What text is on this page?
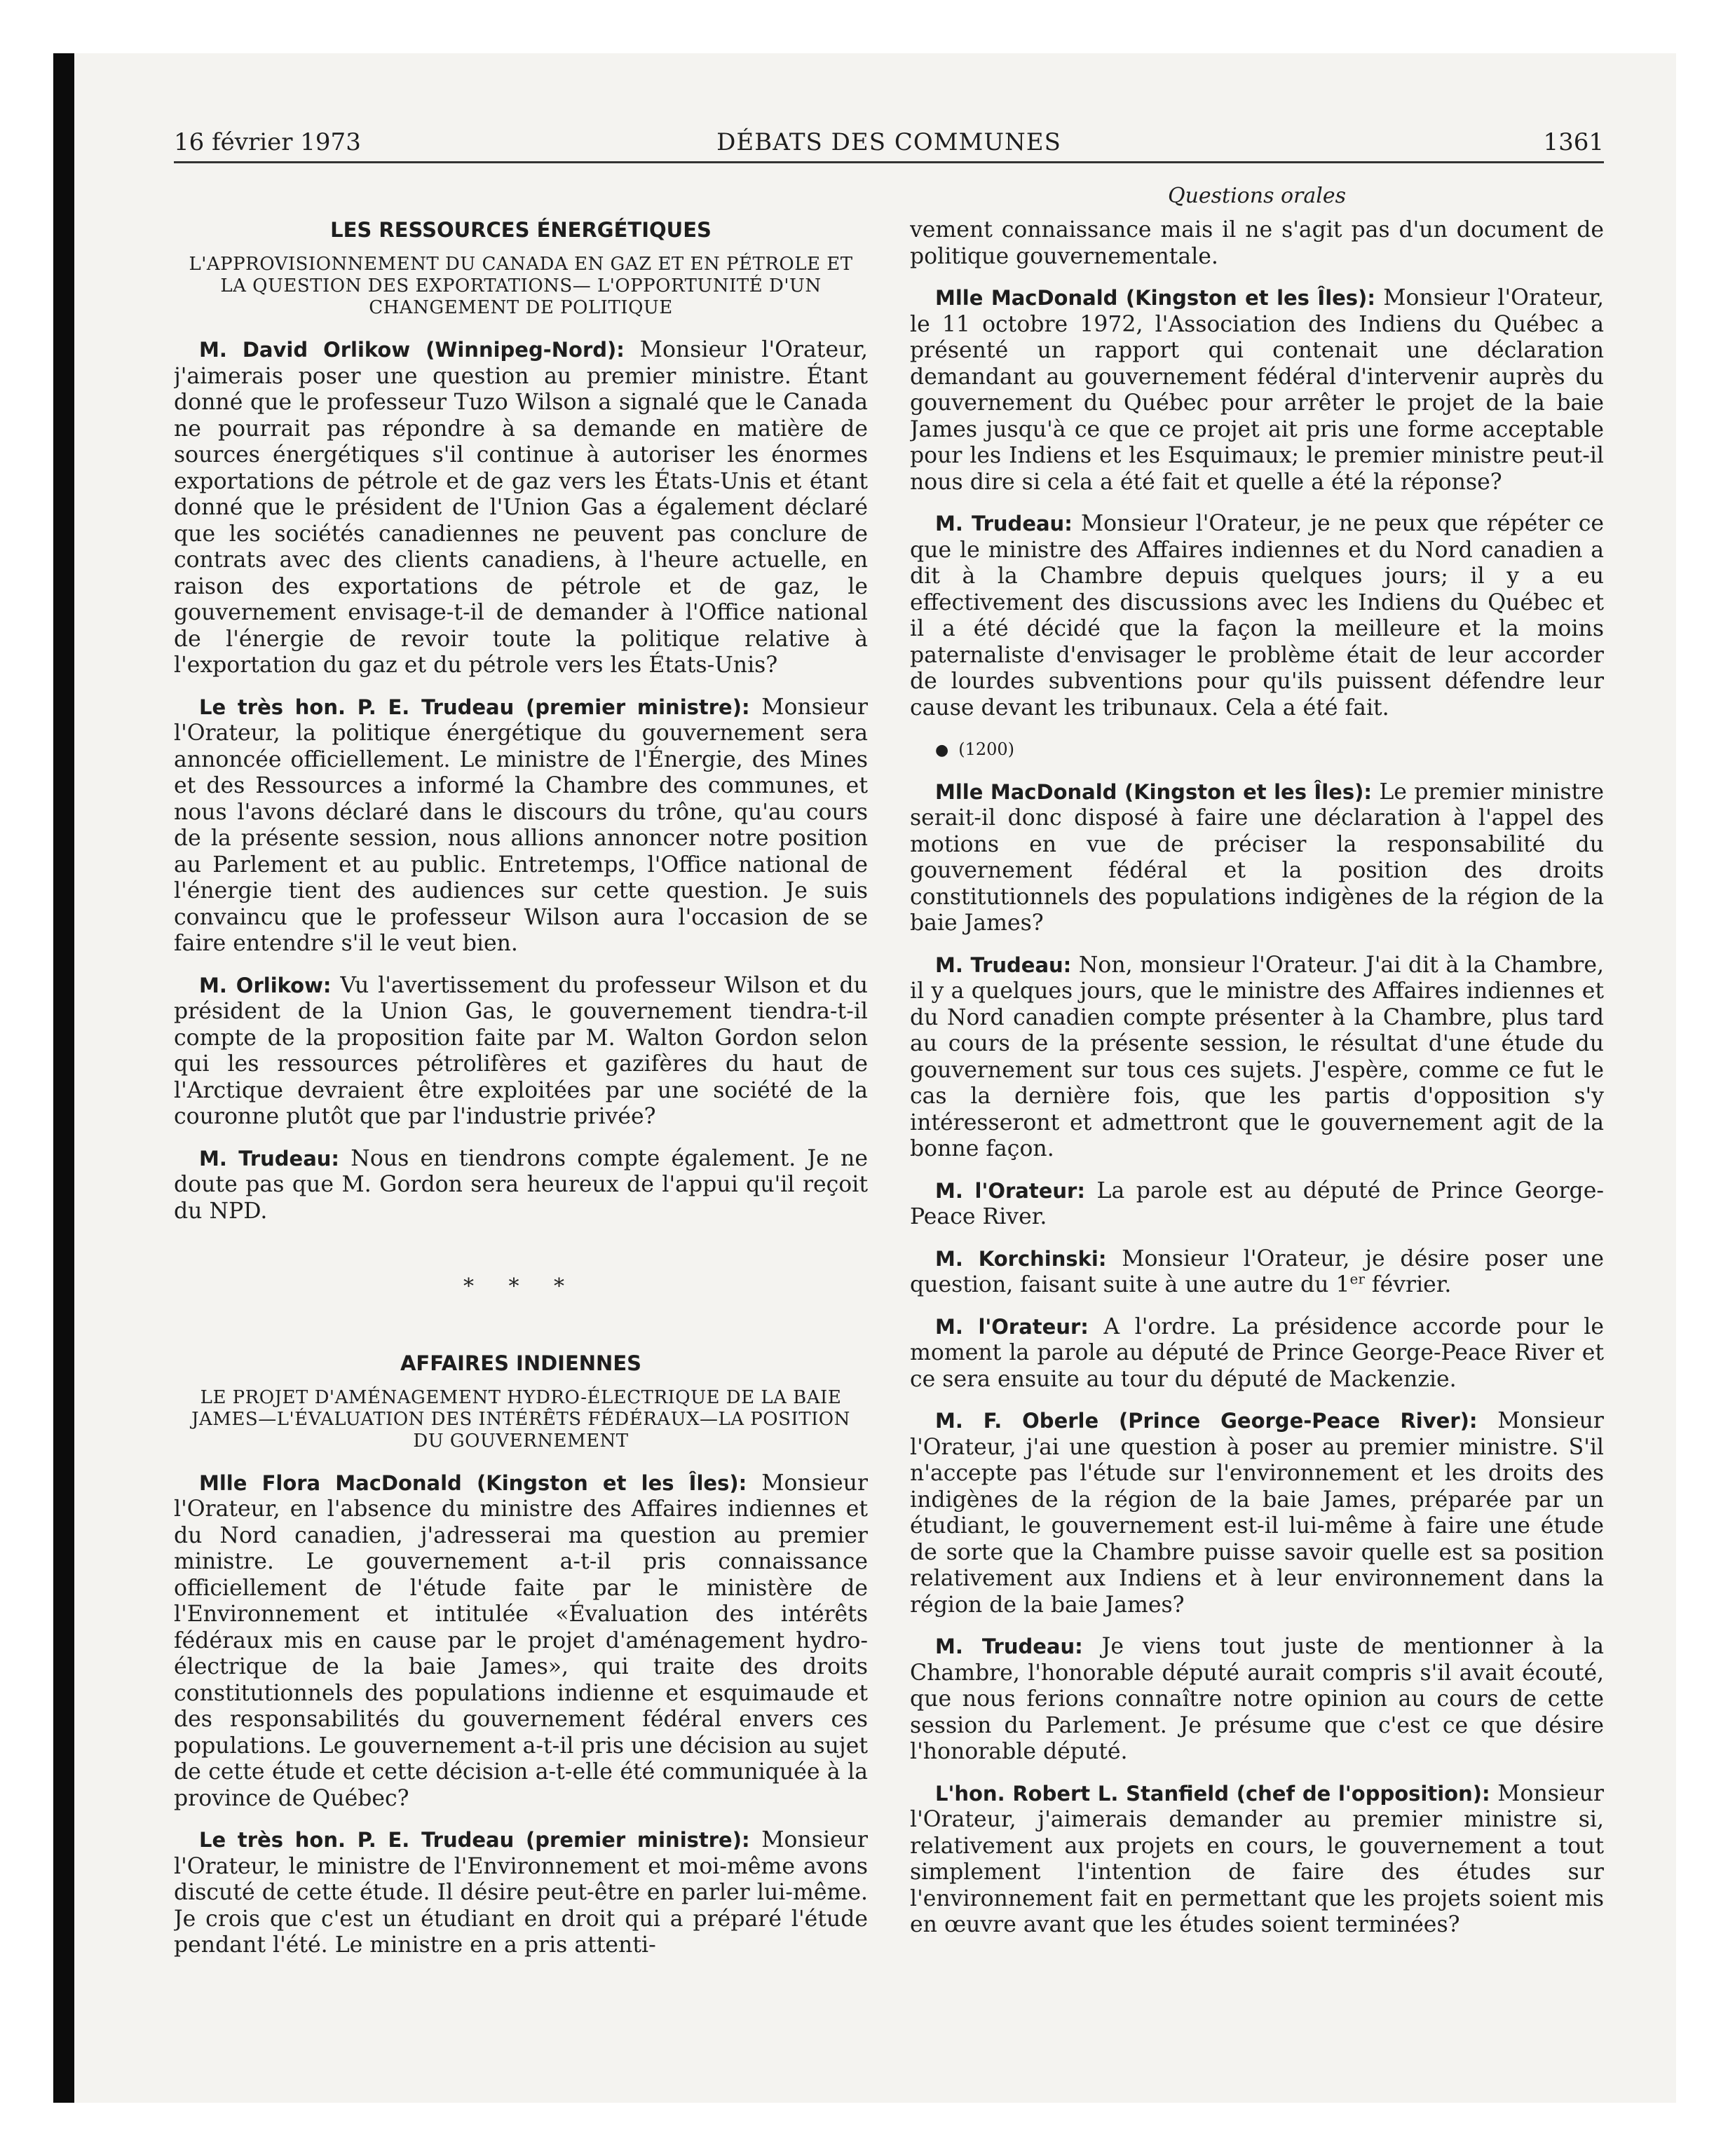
16 février 1973	DÉBATS DES COMMUNES	1361
Questions orales
LES RESSOURCES ÉNERGÉTIQUES
L'APPROVISIONNEMENT DU CANADA EN GAZ ET EN PÉTROLE ET LA QUESTION DES EXPORTATIONS— L'OPPORTUNITÉ D'UN CHANGEMENT DE POLITIQUE

M. David Orlikow (Winnipeg-Nord): Monsieur l'Orateur, j'aimerais poser une question au premier ministre. Étant donné que le professeur Tuzo Wilson a signalé que le Canada ne pourrait pas répondre à sa demande en matière de sources énergétiques s'il continue à autoriser les énormes exportations de pétrole et de gaz vers les États-Unis et étant donné que le président de l'Union Gas a également déclaré que les sociétés canadiennes ne peuvent pas conclure de contrats avec des clients canadiens, à l'heure actuelle, en raison des exportations de pétrole et de gaz, le gouvernement envisage-t-il de demander à l'Office national de l'énergie de revoir toute la politique relative à l'exportation du gaz et du pétrole vers les États-Unis?

Le très hon. P. E. Trudeau (premier ministre): Monsieur l'Orateur, la politique énergétique du gouvernement sera annoncée officiellement. Le ministre de l'Énergie, des Mines et des Ressources a informé la Chambre des communes, et nous l'avons déclaré dans le discours du trône, qu'au cours de la présente session, nous allions annoncer notre position au Parlement et au public. Entretemps, l'Office national de l'énergie tient des audiences sur cette question. Je suis convaincu que le professeur Wilson aura l'occasion de se faire entendre s'il le veut bien.

M. Orlikow: Vu l'avertissement du professeur Wilson et du président de la Union Gas, le gouvernement tiendra-t-il compte de la proposition faite par M. Walton Gordon selon qui les ressources pétrolifères et gazifères du haut de l'Arctique devraient être exploitées par une société de la couronne plutôt que par l'industrie privée?

M. Trudeau: Nous en tiendrons compte également. Je ne doute pas que M. Gordon sera heureux de l'appui qu'il reçoit du NPD.

* * *
AFFAIRES INDIENNES
LE PROJET D'AMÉNAGEMENT HYDRO-ÉLECTRIQUE DE LA BAIE JAMES—L'ÉVALUATION DES INTÉRÊTS FÉDÉRAUX—LA POSITION DU GOUVERNEMENT

Mlle Flora MacDonald (Kingston et les Îles): Monsieur l'Orateur, en l'absence du ministre des Affaires indiennes et du Nord canadien, j'adresserai ma question au premier ministre. Le gouvernement a-t-il pris connaissance officiellement de l'étude faite par le ministère de l'Environnement et intitulée «Évaluation des intérêts fédéraux mis en cause par le projet d'aménagement hydro-électrique de la baie James», qui traite des droits constitutionnels des populations indienne et esquimaude et des responsabilités du gouvernement fédéral envers ces populations. Le gouvernement a-t-il pris une décision au sujet de cette étude et cette décision a-t-elle été communiquée à la province de Québec?

Le très hon. P. E. Trudeau (premier ministre): Monsieur l'Orateur, le ministre de l'Environnement et moi-même avons discuté de cette étude. Il désire peut-être en parler lui-même. Je crois que c'est un étudiant en droit qui a préparé l'étude pendant l'été. Le ministre en a pris attenti-

vement connaissance mais il ne s'agit pas d'un document de politique gouvernementale.

Mlle MacDonald (Kingston et les Îles): Monsieur l'Orateur, le 11 octobre 1972, l'Association des Indiens du Québec a présenté un rapport qui contenait une déclaration demandant au gouvernement fédéral d'intervenir auprès du gouvernement du Québec pour arrêter le projet de la baie James jusqu'à ce que ce projet ait pris une forme acceptable pour les Indiens et les Esquimaux; le premier ministre peut-il nous dire si cela a été fait et quelle a été la réponse?

M. Trudeau: Monsieur l'Orateur, je ne peux que répéter ce que le ministre des Affaires indiennes et du Nord canadien a dit à la Chambre depuis quelques jours; il y a eu effectivement des discussions avec les Indiens du Québec et il a été décidé que la façon la meilleure et la moins paternaliste d'envisager le problème était de leur accorder de lourdes subventions pour qu'ils puissent défendre leur cause devant les tribunaux. Cela a été fait.

● (1200)

Mlle MacDonald (Kingston et les Îles): Le premier ministre serait-il donc disposé à faire une déclaration à l'appel des motions en vue de préciser la responsabilité du gouvernement fédéral et la position des droits constitutionnels des populations indigènes de la région de la baie James?

M. Trudeau: Non, monsieur l'Orateur. J'ai dit à la Chambre, il y a quelques jours, que le ministre des Affaires indiennes et du Nord canadien compte présenter à la Chambre, plus tard au cours de la présente session, le résultat d'une étude du gouvernement sur tous ces sujets. J'espère, comme ce fut le cas la dernière fois, que les partis d'opposition s'y intéresseront et admettront que le gouvernement agit de la bonne façon.

M. l'Orateur: La parole est au député de Prince George-Peace River.

M. Korchinski: Monsieur l'Orateur, je désire poser une question, faisant suite à une autre du 1er février.

M. l'Orateur: A l'ordre. La présidence accorde pour le moment la parole au député de Prince George-Peace River et ce sera ensuite au tour du député de Mackenzie.

M. F. Oberle (Prince George-Peace River): Monsieur l'Orateur, j'ai une question à poser au premier ministre. S'il n'accepte pas l'étude sur l'environnement et les droits des indigènes de la région de la baie James, préparée par un étudiant, le gouvernement est-il lui-même à faire une étude de sorte que la Chambre puisse savoir quelle est sa position relativement aux Indiens et à leur environnement dans la région de la baie James?

M. Trudeau: Je viens tout juste de mentionner à la Chambre, l'honorable député aurait compris s'il avait écouté, que nous ferions connaître notre opinion au cours de cette session du Parlement. Je présume que c'est ce que désire l'honorable député.

L'hon. Robert L. Stanfield (chef de l'opposition): Monsieur l'Orateur, j'aimerais demander au premier ministre si, relativement aux projets en cours, le gouvernement a tout simplement l'intention de faire des études sur l'environnement fait en permettant que les projets soient mis en œuvre avant que les études soient terminées?
